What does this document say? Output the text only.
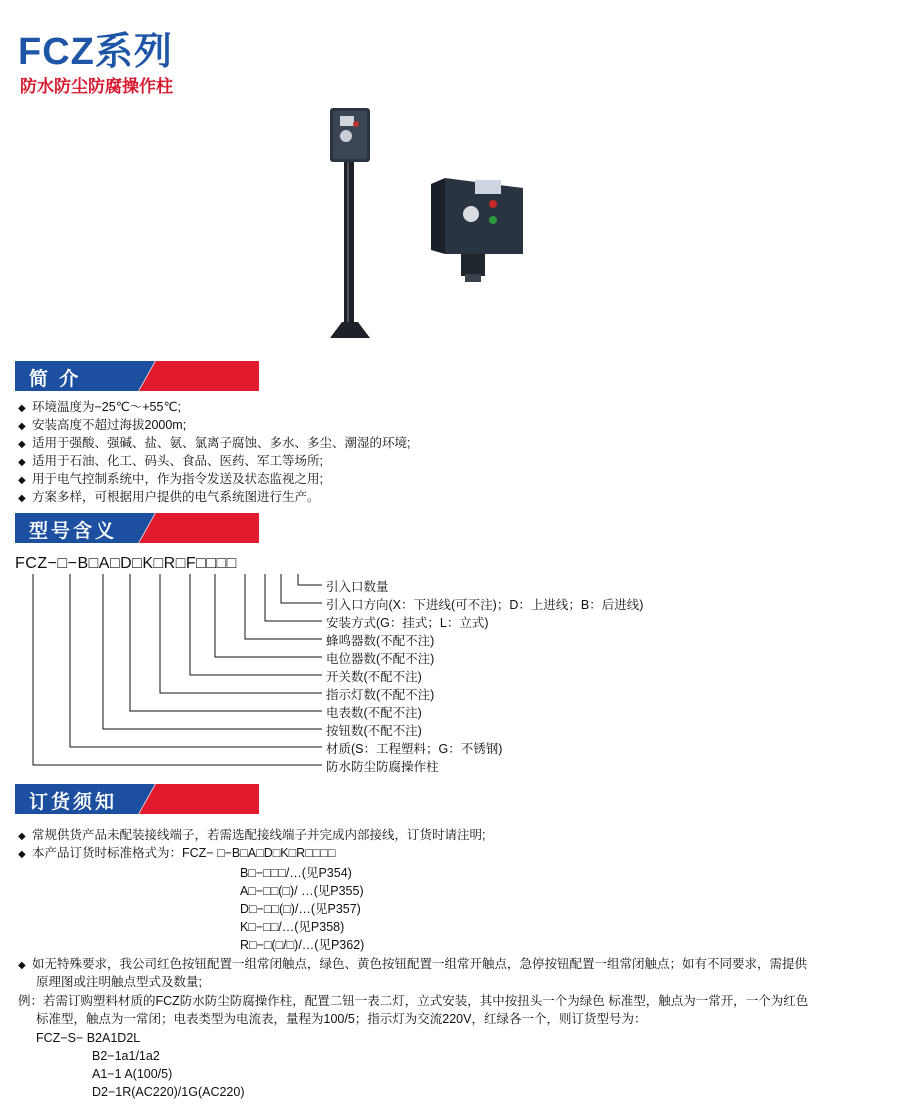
FCZ系列
防水防尘防腐操作柱
简 介
◆ 环境温度为−25℃～+55℃;
◆ 安装高度不超过海拔2000m;
◆ 适用于强酸、强碱、盐、氨、氯离子腐蚀、多水、多尘、潮湿的环境;
◆ 适用于石油、化工、码头、食品、医药、军工等场所;
◆ 用于电气控制系统中，作为指令发送及状态监视之用;
◆ 方案多样，可根据用户提供的电气系统图进行生产。
型号含义
FCZ−□−B□A□D□K□R□F□□□□
引入口数量
引入口方向(X：下进线(可不注)；D：上进线；B：后进线)
安装方式(G：挂式；L：立式)
蜂鸣器数(不配不注)
电位器数(不配不注)
开关数(不配不注)
指示灯数(不配不注)
电表数(不配不注)
按钮数(不配不注)
材质(S：工程塑料；G：不锈钢)
防水防尘防腐操作柱
订货须知
◆ 常规供货产品未配装接线端子，若需选配接线端子并完成内部接线，订货时请注明;
◆ 本产品订货时标准格式为：FCZ− □−B□A□D□K□R□□□□
B□−□□□/…(见P354)
A□−□□(□)/ …(见P355)
D□−□□(□)/…(见P357)
K□−□□/…(见P358)
R□−□(□/□)/…(见P362)
◆ 如无特殊要求，我公司红色按钮配置一组常闭触点，绿色、黄色按钮配置一组常开触点，急停按钮配置一组常闭触点；如有不同要求，需提供
原理图或注明触点型式及数量;
例：若需订购塑料材质的FCZ防水防尘防腐操作柱，配置二钮一表二灯，立式安装，其中按扭头一个为绿色 标准型，触点为一常开，一个为红色
标准型，触点为一常闭；电表类型为电流表，量程为100/5；指示灯为交流220V，红绿各一个，则订货型号为：
FCZ−S− B2A1D2L
B2−1a1/1a2
A1−1 A(100/5)
D2−1R(AC220)/1G(AC220)
